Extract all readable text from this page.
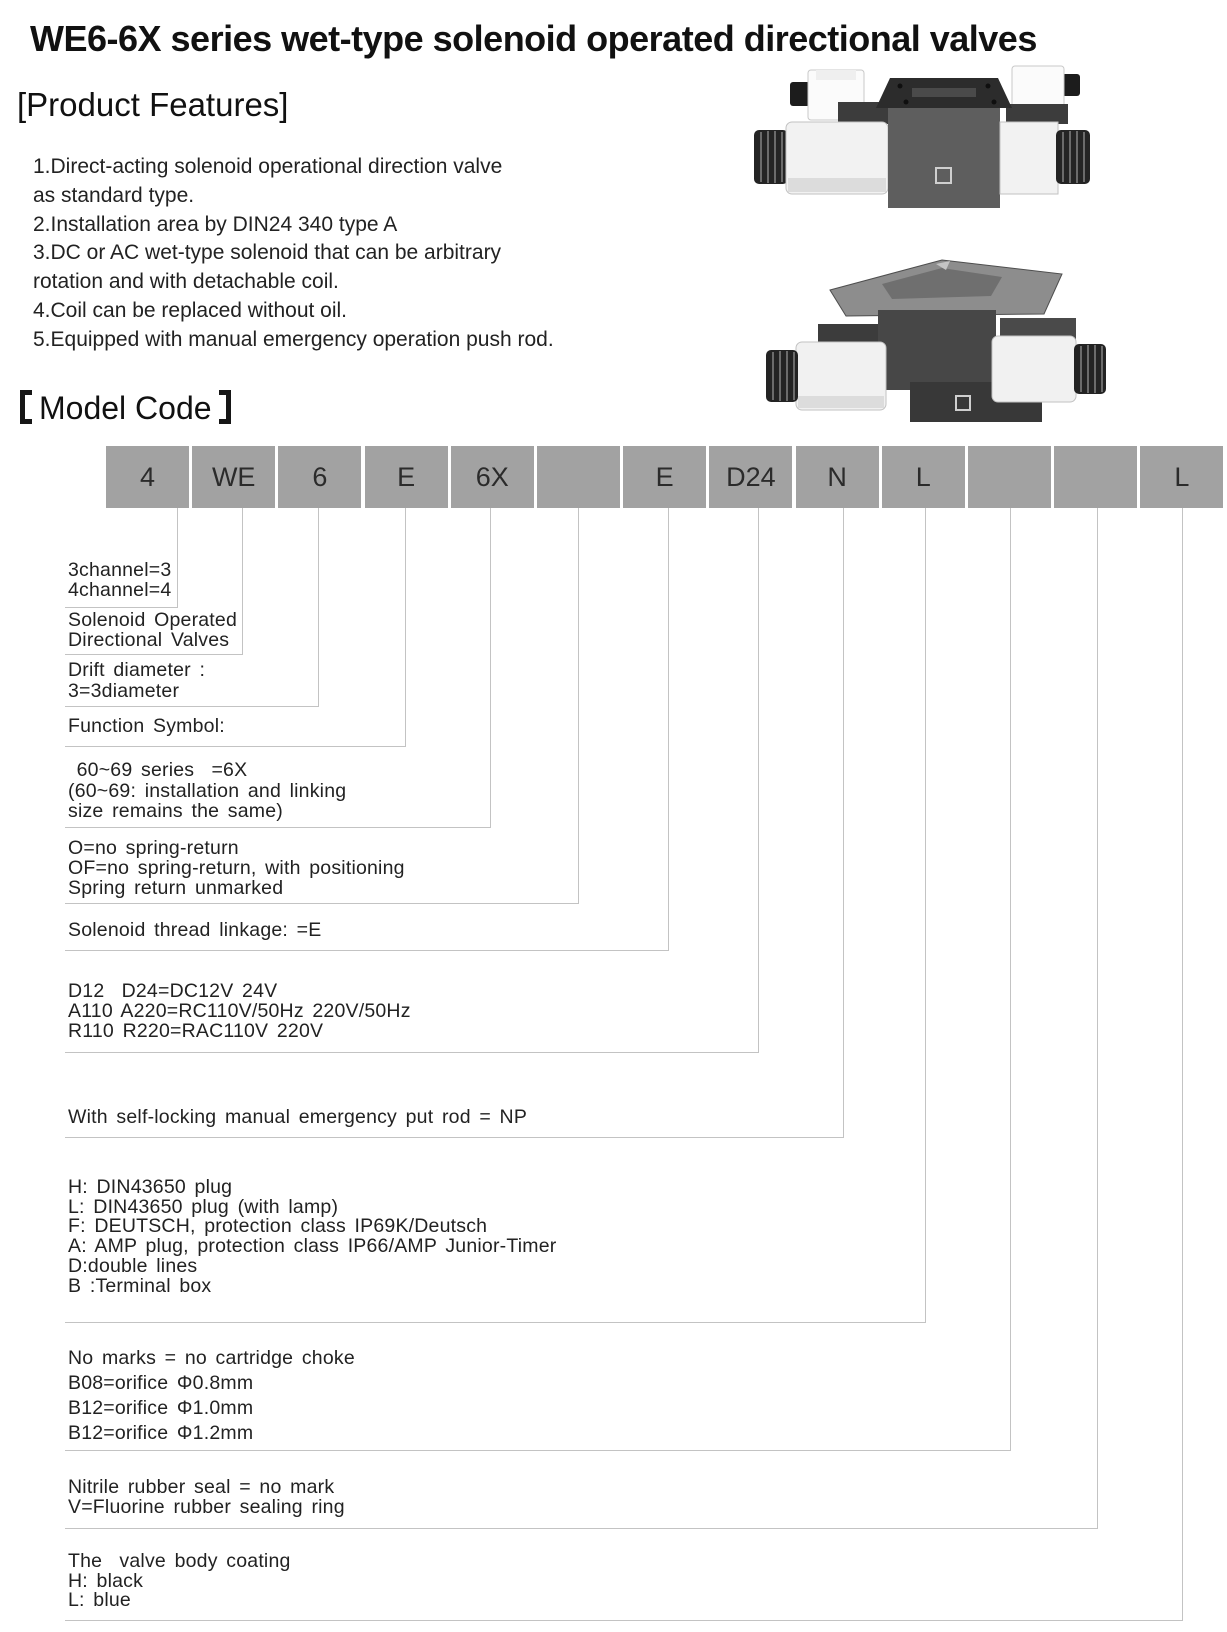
WE6-6X series wet-type solenoid operated directional valves
[Product Features]
1.Direct-acting solenoid operational direction valve
as standard type.
2.Installation area by DIN24 340 type A
3.DC or AC wet-type solenoid that can be arbitrary
rotation and with detachable coil.
4.Coil can be replaced without oil.
5.Equipped with manual emergency operation push rod.
Model Code
4
3channel=3
4channel=4
WE
Solenoid Operated
Directional Valves
6
Drift diameter :
3=3diameter
E
Function Symbol:
6X
60~69 series  =6X
(60~69: installation and linking
size remains the same)
O=no spring-return
OF=no spring-return, with positioning
Spring return unmarked
E
Solenoid thread linkage: =E
D24
D12  D24=DC12V 24V
A110 A220=RC110V/50Hz 220V/50Hz
R110 R220=RAC110V 220V
N
With self-locking manual emergency put rod = NP
L
H: DIN43650 plug
L: DIN43650 plug (with lamp)
F: DEUTSCH, protection class IP69K/Deutsch
A: AMP plug, protection class IP66/AMP Junior-Timer
D:double lines
B :Terminal box
No marks = no cartridge choke
B08=orifice Φ0.8mm
B12=orifice Φ1.0mm
B12=orifice Φ1.2mm
Nitrile rubber seal = no mark
V=Fluorine rubber sealing ring
L
The  valve body coating
H: black
L: blue
